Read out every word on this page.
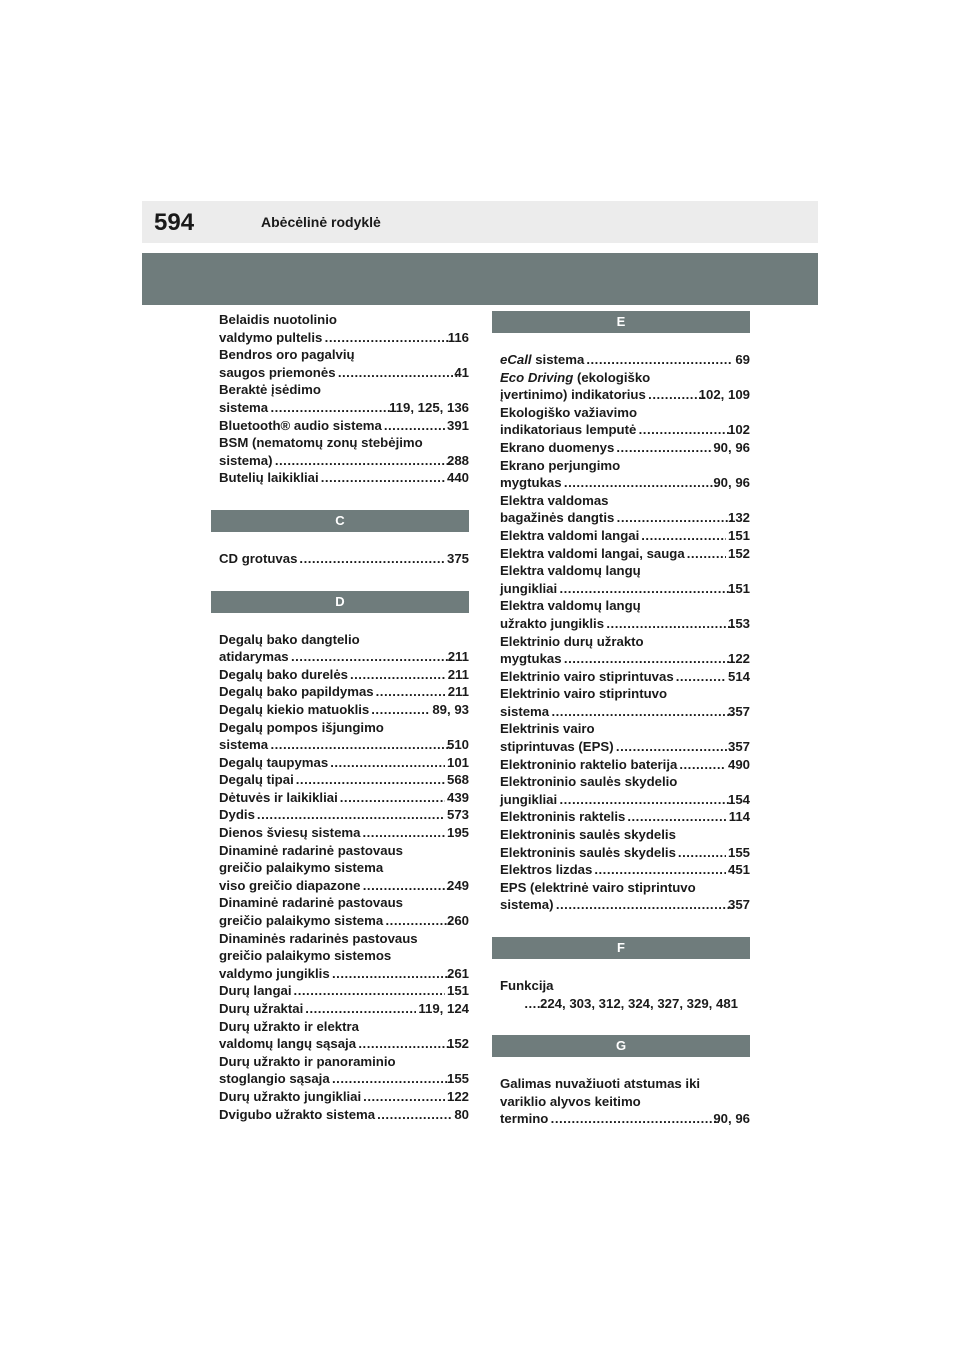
594	Abėcėlinė rodyklė
Belaidis nuotolinio
valdymo pultelis .....	116
Bendros oro pagalvių
saugos priemonės .....	41
Beraktė įsėdimo
sistema .....	119, 125, 136
Bluetooth® audio sistema .....	391
BSM (nematomų zonų stebėjimo
sistema) .....	288
Butelių laikikliai .....	440
C
CD grotuvas .....	375
D
Degalų bako dangtelio
atidarymas .....	211
Degalų bako durelės .....	211
Degalų bako papildymas .....	211
Degalų kiekio matuoklis .....	89, 93
Degalų pompos išjungimo
sistema .....	510
Degalų taupymas .....	101
Degalų tipai .....	568
Dėtuvės ir laikikliai .....	439
Dydis .....	573
Dienos šviesų sistema .....	195
Dinaminė radarinė pastovaus
greičio palaikymo sistema
viso greičio diapazone .....	249
Dinaminė radarinė pastovaus
greičio palaikymo sistema .....	260
Dinaminės radarinės pastovaus
greičio palaikymo sistemos
valdymo jungiklis .....	261
Durų langai .....	151
Durų užraktai .....	119, 124
Durų užrakto ir elektra
valdomų langų sąsaja .....	152
Durų užrakto ir panoraminio
stoglangio sąsaja .....	155
Durų užrakto jungikliai .....	122
Dvigubo užrakto sistema .....	80
E
eCall sistema .....	69
Eco Driving (ekologiško
įvertinimo) indikatorius .....	102, 109
Ekologiško važiavimo
indikatoriaus lemputė .....	102
Ekrano duomenys .....	90, 96
Ekrano perjungimo
mygtukas .....	90, 96
Elektra valdomas
bagažinės dangtis .....	132
Elektra valdomi langai .....	151
Elektra valdomi langai, sauga .....	152
Elektra valdomų langų
jungikliai .....	151
Elektra valdomų langų
užrakto jungiklis .....	153
Elektrinio durų užrakto
mygtukas .....	122
Elektrinio vairo stiprintuvas .....	514
Elektrinio vairo stiprintuvo
sistema .....	357
Elektrinis vairo
stiprintuvas (EPS) .....	357
Elektroninio raktelio baterija .....	490
Elektroninio saulės skydelio
jungikliai .....	154
Elektroninis raktelis .....	114
Elektroninis saulės skydelis
Elektroninis saulės skydelis .....	155
Elektros lizdas .....	451
EPS (elektrinė vairo stiprintuvo
sistema) .....	357
F
Funkcija
.....
224, 303, 312, 324, 327, 329, 481
G
Galimas nuvažiuoti atstumas iki
variklio alyvos keitimo
termino .....	90, 96
